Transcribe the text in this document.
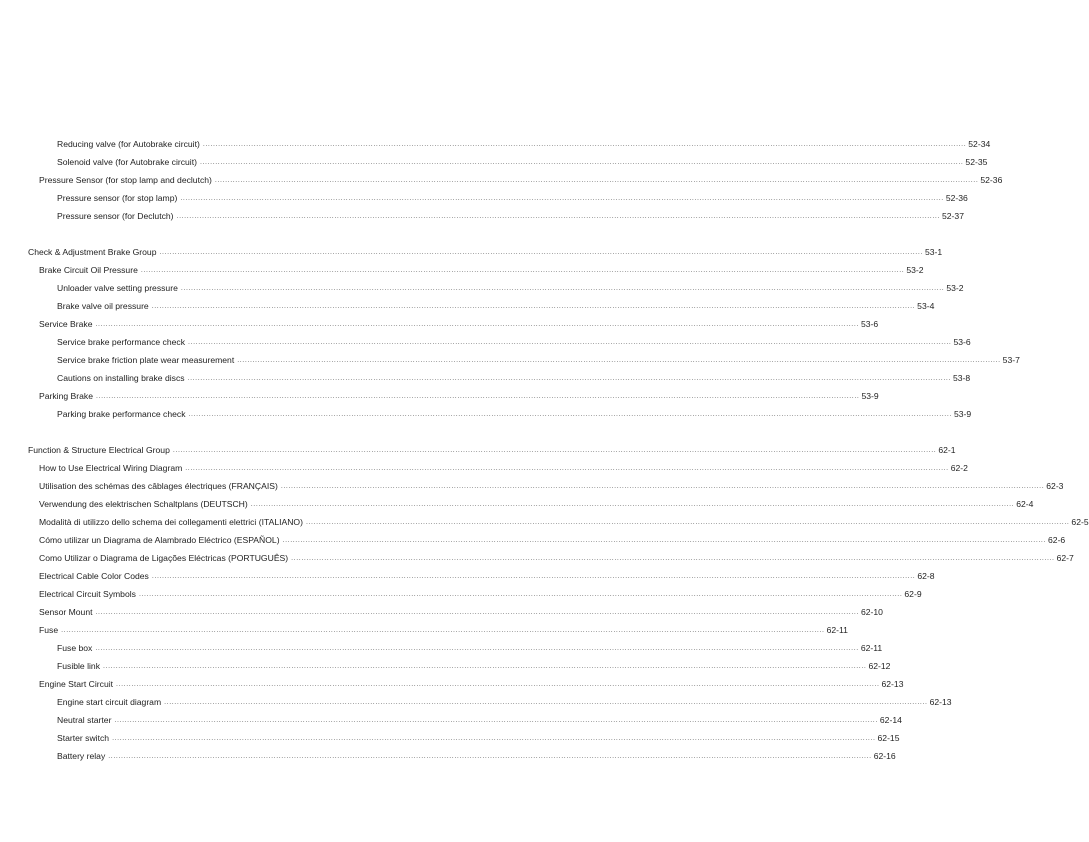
Reducing valve (for Autobrake circuit) ............................................................................................................................................................................................................................................................................................................ 52-34
Solenoid valve (for Autobrake circuit) ............................................................................................................................................................................................................................................................................................................ 52-35
Pressure Sensor (for stop lamp and declutch) ............................................................................................................................................................................................................................................................................................................ 52-36
Pressure sensor (for stop lamp) ............................................................................................................................................................................................................................................................................................................ 52-36
Pressure sensor (for Declutch) ............................................................................................................................................................................................................................................................................................................ 52-37
Check & Adjustment Brake Group ............................................................................................................................................................................................................................................................................................................ 53-1
Brake Circuit Oil Pressure ............................................................................................................................................................................................................................................................................................................ 53-2
Unloader valve setting pressure ............................................................................................................................................................................................................................................................................................................ 53-2
Brake valve oil pressure ............................................................................................................................................................................................................................................................................................................ 53-4
Service Brake ............................................................................................................................................................................................................................................................................................................ 53-6
Service brake performance check ............................................................................................................................................................................................................................................................................................................ 53-6
Service brake friction plate wear measurement ............................................................................................................................................................................................................................................................................................................ 53-7
Cautions on installing brake discs ............................................................................................................................................................................................................................................................................................................ 53-8
Parking Brake ............................................................................................................................................................................................................................................................................................................ 53-9
Parking brake performance check ............................................................................................................................................................................................................................................................................................................ 53-9
Function & Structure Electrical Group ............................................................................................................................................................................................................................................................................................................ 62-1
How to Use Electrical Wiring Diagram ............................................................................................................................................................................................................................................................................................................ 62-2
Utilisation des schémas des câblages électriques (FRANÇAIS) ............................................................................................................................................................................................................................................................................................................ 62-3
Verwendung des elektrischen Schaltplans (DEUTSCH) ............................................................................................................................................................................................................................................................................................................ 62-4
Modalità di utilizzo dello schema dei collegamenti elettrici (ITALIANO) ............................................................................................................................................................................................................................................................................................................ 62-5
Cómo utilizar un Diagrama de Alambrado Eléctrico (ESPAÑOL) ............................................................................................................................................................................................................................................................................................................ 62-6
Como Utilizar o Diagrama de Ligações Eléctricas (PORTUGUÊS) ............................................................................................................................................................................................................................................................................................................ 62-7
Electrical Cable Color Codes ............................................................................................................................................................................................................................................................................................................ 62-8
Electrical Circuit Symbols ............................................................................................................................................................................................................................................................................................................ 62-9
Sensor Mount ............................................................................................................................................................................................................................................................................................................ 62-10
Fuse ............................................................................................................................................................................................................................................................................................................ 62-11
Fuse box ............................................................................................................................................................................................................................................................................................................ 62-11
Fusible link ............................................................................................................................................................................................................................................................................................................ 62-12
Engine Start Circuit ............................................................................................................................................................................................................................................................................................................ 62-13
Engine start circuit diagram ............................................................................................................................................................................................................................................................................................................ 62-13
Neutral starter ............................................................................................................................................................................................................................................................................................................ 62-14
Starter switch ............................................................................................................................................................................................................................................................................................................ 62-15
Battery relay ............................................................................................................................................................................................................................................................................................................ 62-16
